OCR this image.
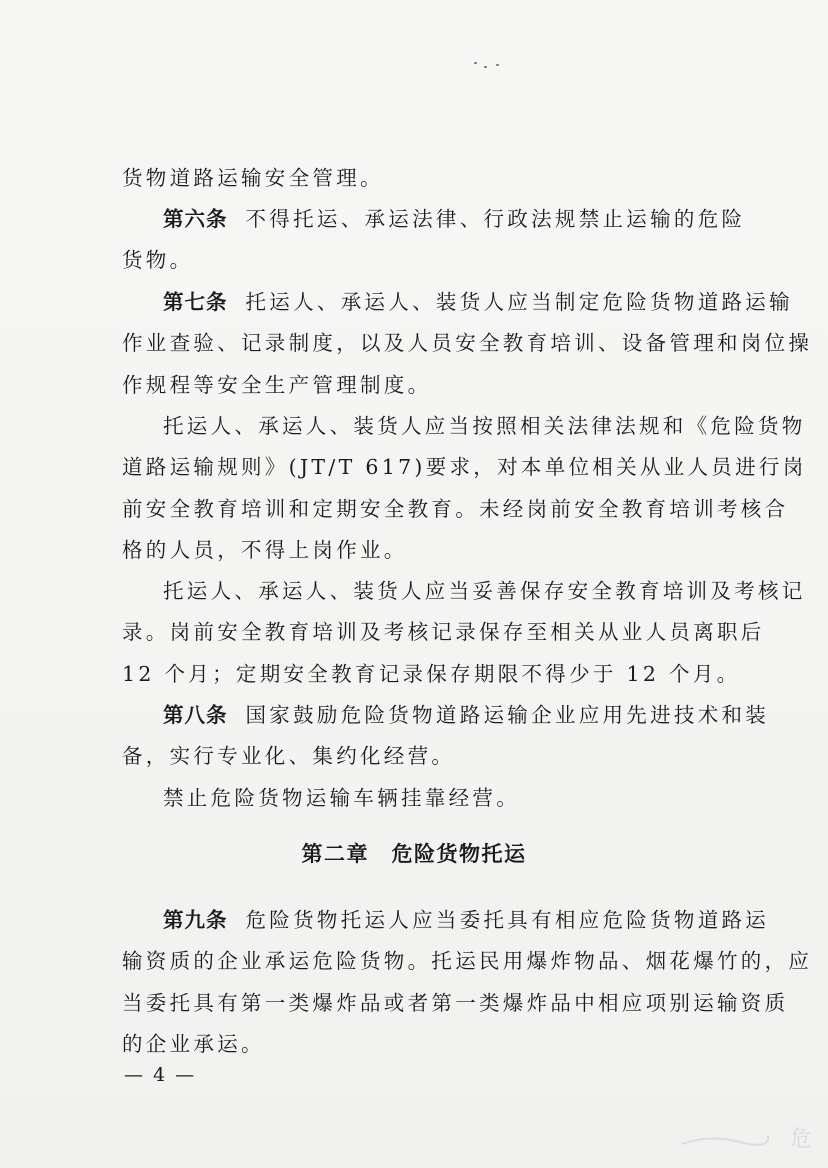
货物道路运输安全管理。
第六条 不得托运、承运法律、行政法规禁止运输的危险
货物。
第七条 托运人、承运人、装货人应当制定危险货物道路运输
作业查验、记录制度，以及人员安全教育培训、设备管理和岗位操
作规程等安全生产管理制度。
托运人、承运人、装货人应当按照相关法律法规和《危险货物
道路运输规则》(JT/T 617)要求，对本单位相关从业人员进行岗
前安全教育培训和定期安全教育。未经岗前安全教育培训考核合
格的人员，不得上岗作业。
托运人、承运人、装货人应当妥善保存安全教育培训及考核记
录。岗前安全教育培训及考核记录保存至相关从业人员离职后
12 个月；定期安全教育记录保存期限不得少于 12 个月。
第八条 国家鼓励危险货物道路运输企业应用先进技术和装
备，实行专业化、集约化经营。
禁止危险货物运输车辆挂靠经营。
第二章　危险货物托运
第九条 危险货物托运人应当委托具有相应危险货物道路运
输资质的企业承运危险货物。托运民用爆炸物品、烟花爆竹的，应
当委托具有第一类爆炸品或者第一类爆炸品中相应项别运输资质
的企业承运。
— 4 —
危
